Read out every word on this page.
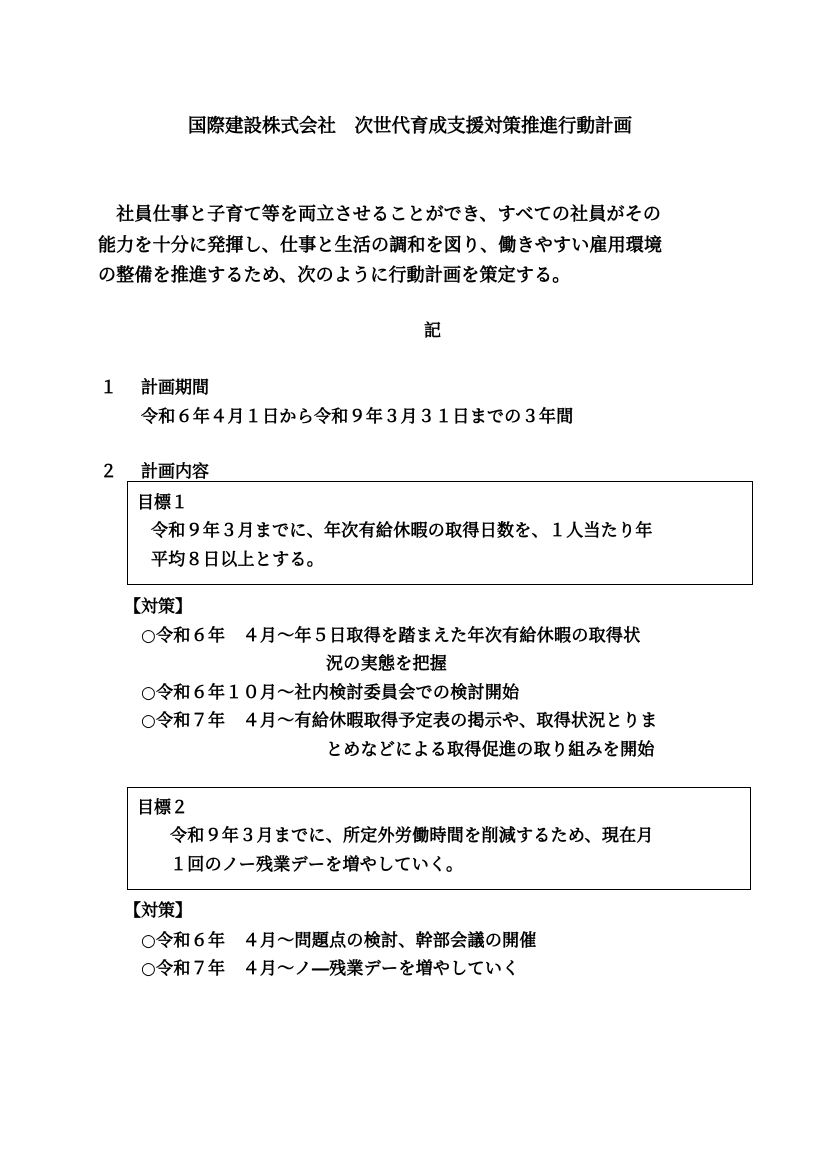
国際建設株式会社　次世代育成支援対策推進行動計画
　社員仕事と子育て等を両立させることができ、すべての社員がその
能力を十分に発揮し、仕事と生活の調和を図り、働きやすい雇用環境
の整備を推進するため、次のように行動計画を策定する。
記
１ 計画期間
令和６年４月１日から令和９年３月３１日までの３年間
２ 計画内容
目標１
令和９年３月までに、年次有給休暇の取得日数を、１人当たり年
平均８日以上とする。
【対策】
○令和６年　４月～年５日取得を踏まえた年次有給休暇の取得状
況の実態を把握
○令和６年１０月～社内検討委員会での検討開始
○令和７年　４月～有給休暇取得予定表の掲示や、取得状況とりま
とめなどによる取得促進の取り組みを開始
目標２
令和９年３月までに、所定外労働時間を削減するため、現在月
１回のノー残業デーを増やしていく。
【対策】
○令和６年　４月～問題点の検討、幹部会議の開催
○令和７年　４月～ノ―残業デーを増やしていく
